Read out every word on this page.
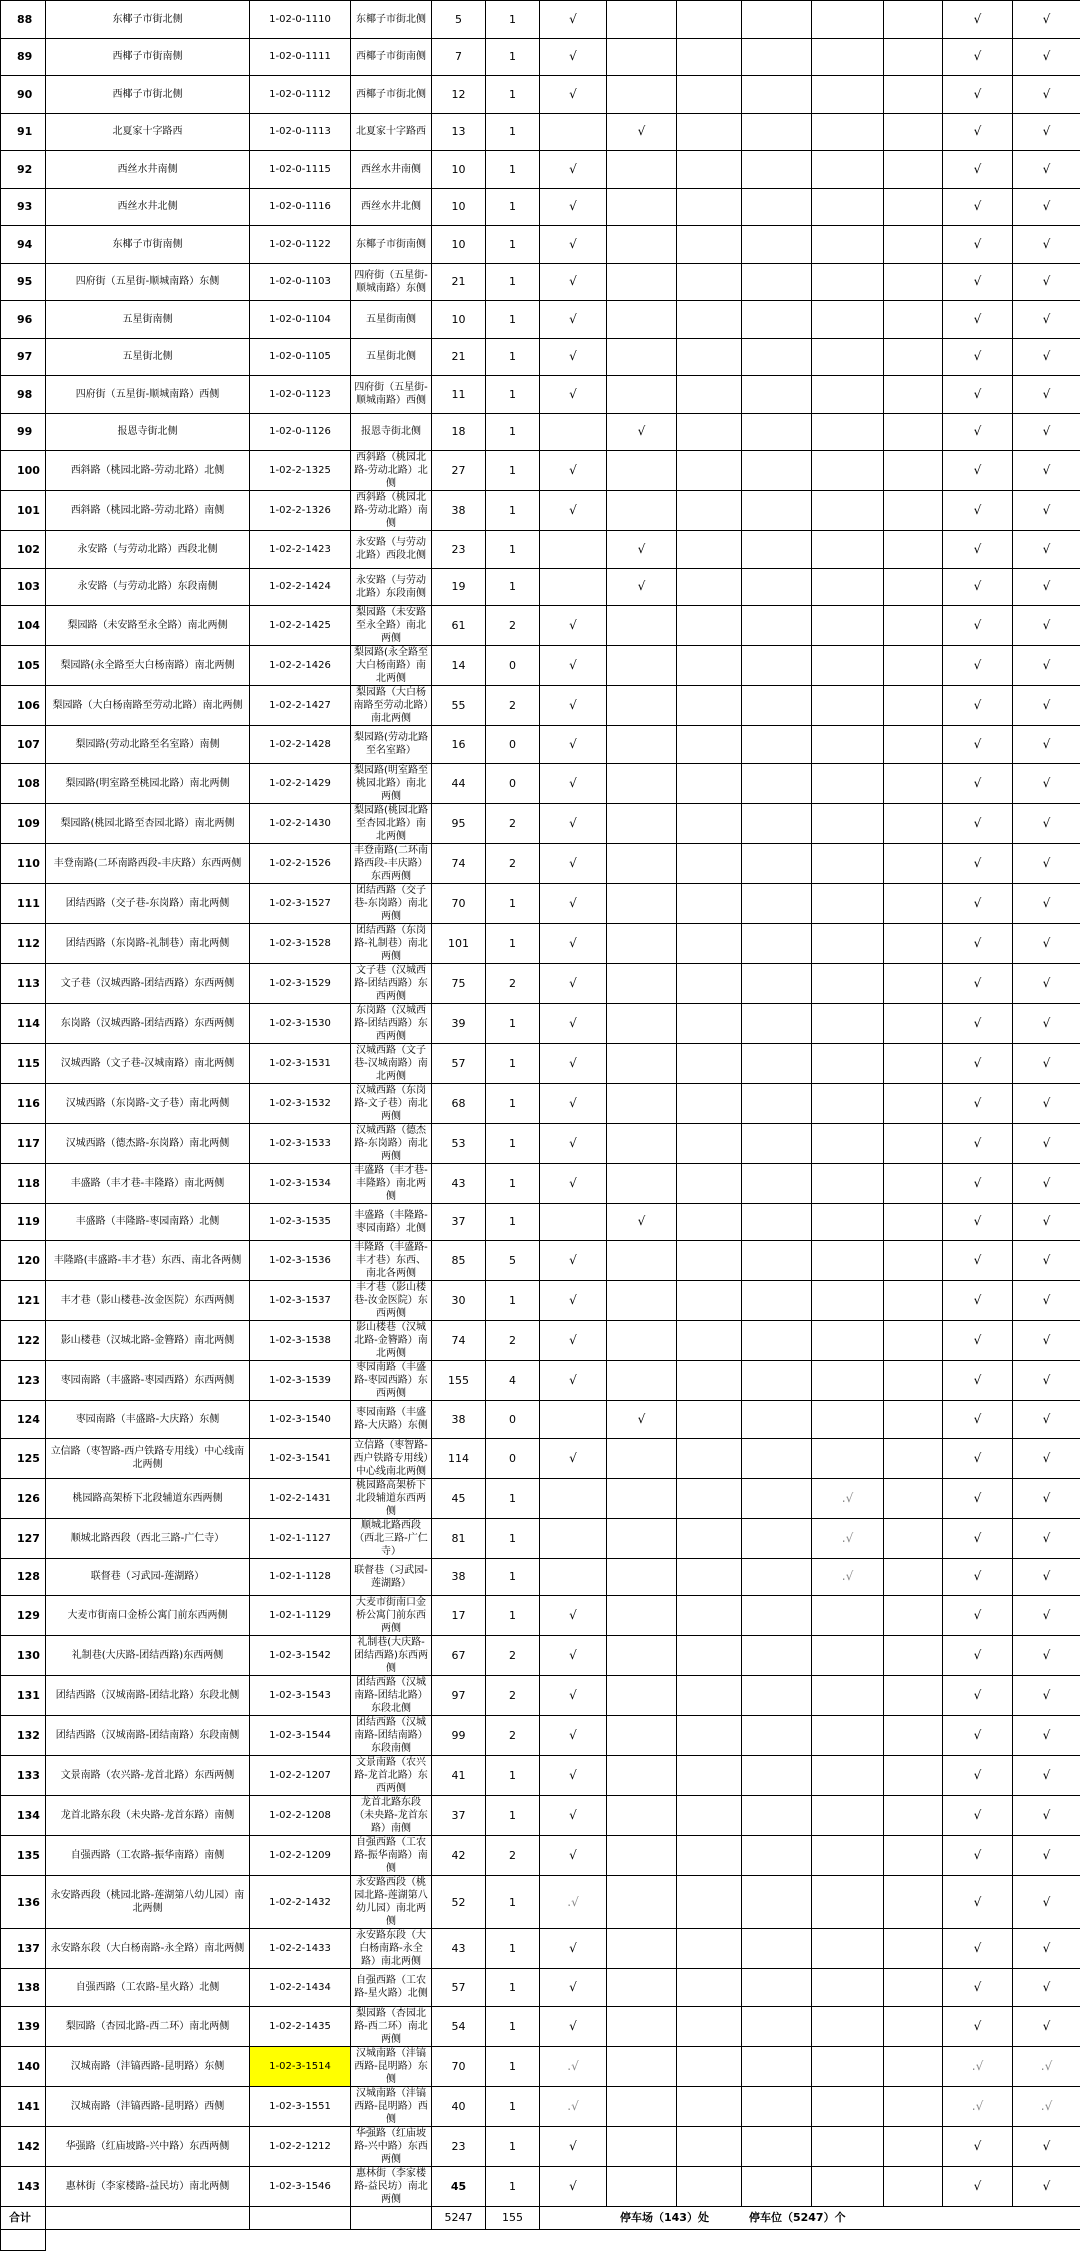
88	东椰子市街北侧	1-02-0-1110	东椰子市街北侧	5	1	√						√	√
89	西椰子市街南侧	1-02-0-1111	西椰子市街南侧	7	1	√						√	√
90	西椰子市街北侧	1-02-0-1112	西椰子市街北侧	12	1	√						√	√
91	北夏家十字路西	1-02-0-1113	北夏家十字路西	13	1		√					√	√
92	西丝水井南侧	1-02-0-1115	西丝水井南侧	10	1	√						√	√
93	西丝水井北侧	1-02-0-1116	西丝水井北侧	10	1	√						√	√
94	东椰子市街南侧	1-02-0-1122	东椰子市街南侧	10	1	√						√	√
95	四府街（五星街-顺城南路）东侧	1-02-0-1103	四府街（五星街-顺城南路）东侧	21	1	√						√	√
96	五星街南侧	1-02-0-1104	五星街南侧	10	1	√						√	√
97	五星街北侧	1-02-0-1105	五星街北侧	21	1	√						√	√
98	四府街（五星街-顺城南路）西侧	1-02-0-1123	四府街（五星街-顺城南路）西侧	11	1	√						√	√
99	报恩寺街北侧	1-02-0-1126	报恩寺街北侧	18	1		√					√	√
100	西斜路（桃园北路-劳动北路）北侧	1-02-2-1325	西斜路（桃园北路-劳动北路）北侧	27	1	√						√	√
101	西斜路（桃园北路-劳动北路）南侧	1-02-2-1326	西斜路（桃园北路-劳动北路）南侧	38	1	√						√	√
102	永安路（与劳动北路）西段北侧	1-02-2-1423	永安路（与劳动北路）西段北侧	23	1		√					√	√
103	永安路（与劳动北路）东段南侧	1-02-2-1424	永安路（与劳动北路）东段南侧	19	1		√					√	√
104	梨园路（未安路至永全路）南北两侧	1-02-2-1425	梨园路（未安路至永全路）南北两侧	61	2	√						√	√
105	梨园路(永全路至大白杨南路）南北两侧	1-02-2-1426	梨园路(永全路至大白杨南路）南北两侧	14	0	√						√	√
106	梨园路（大白杨南路至劳动北路）南北两侧	1-02-2-1427	梨园路（大白杨南路至劳动北路）南北两侧	55	2	√						√	√
107	梨园路(劳动北路至名室路）南侧	1-02-2-1428	梨园路(劳动北路至名室路）	16	0	√						√	√
108	梨园路(明室路至桃园北路）南北两侧	1-02-2-1429	梨园路(明室路至桃园北路）南北两侧	44	0	√						√	√
109	梨园路(桃园北路至杏园北路）南北两侧	1-02-2-1430	梨园路(桃园北路至杏园北路）南北两侧	95	2	√						√	√
110	丰登南路(二环南路西段-丰庆路）东西两侧	1-02-2-1526	丰登南路(二环南路西段-丰庆路）东西两侧	74	2	√						√	√
111	团结西路（交子巷-东岗路）南北两侧	1-02-3-1527	团结西路（交子巷-东岗路）南北两侧	70	1	√						√	√
112	团结西路（东岗路-礼制巷）南北两侧	1-02-3-1528	团结西路（东岗路-礼制巷）南北两侧	101	1	√						√	√
113	文子巷（汉城西路-团结西路）东西两侧	1-02-3-1529	文子巷（汉城西路-团结西路）东西两侧	75	2	√						√	√
114	东岗路（汉城西路-团结西路）东西两侧	1-02-3-1530	东岗路（汉城西路-团结西路）东西两侧	39	1	√						√	√
115	汉城西路（文子巷-汉城南路）南北两侧	1-02-3-1531	汉城西路（文子巷-汉城南路）南北两侧	57	1	√						√	√
116	汉城西路（东岗路-文子巷）南北两侧	1-02-3-1532	汉城西路（东岗路-文子巷）南北两侧	68	1	√						√	√
117	汉城西路（德杰路-东岗路）南北两侧	1-02-3-1533	汉城西路（德杰路-东岗路）南北两侧	53	1	√						√	√
118	丰盛路（丰才巷-丰隆路）南北两侧	1-02-3-1534	丰盛路（丰才巷-丰隆路）南北两侧	43	1	√						√	√
119	丰盛路（丰隆路-枣园南路）北侧	1-02-3-1535	丰盛路（丰隆路-枣园南路）北侧	37	1		√					√	√
120	丰隆路(丰盛路-丰才巷）东西、南北各两侧	1-02-3-1536	丰隆路（丰盛路-丰才巷）东西、南北各两侧	85	5	√						√	√
121	丰才巷（影山楼巷-汝金医院）东西两侧	1-02-3-1537	丰才巷（影山楼巷-汝金医院）东西两侧	30	1	√						√	√
122	影山楼巷（汉城北路-金簪路）南北两侧	1-02-3-1538	影山楼巷（汉城北路-金簪路）南北两侧	74	2	√						√	√
123	枣园南路（丰盛路-枣园西路）东西两侧	1-02-3-1539	枣园南路（丰盛路-枣园西路）东西两侧	155	4	√						√	√
124	枣园南路（丰盛路-大庆路）东侧	1-02-3-1540	枣园南路（丰盛路-大庆路）东侧	38	0		√					√	√
125	立信路（枣智路-西户铁路专用线）中心线南北两侧	1-02-3-1541	立信路（枣智路-西户铁路专用线）中心线南北两侧	114	0	√						√	√
126	桃园路高架桥下北段辅道东西两侧	1-02-2-1431	桃园路高架桥下北段辅道东西两侧	45	1					.√		√	√
127	顺城北路西段（西北三路-广仁寺）	1-02-1-1127	顺城北路西段（西北三路-广仁寺）	81	1					.√		√	√
128	联督巷（习武园-莲湖路）	1-02-1-1128	联督巷（习武园-莲湖路）	38	1					.√		√	√
129	大麦市街南口金桥公寓门前东西两侧	1-02-1-1129	大麦市街南口金桥公寓门前东西两侧	17	1	√						√	√
130	礼制巷(大庆路-团结西路)东西两侧	1-02-3-1542	礼制巷(大庆路-团结西路)东西两侧	67	2	√						√	√
131	团结西路（汉城南路-团结北路）东段北侧	1-02-3-1543	团结西路（汉城南路-团结北路）东段北侧	97	2	√						√	√
132	团结西路（汉城南路-团结南路）东段南侧	1-02-3-1544	团结西路（汉城南路-团结南路）东段南侧	99	2	√						√	√
133	文景南路（农兴路-龙首北路）东西两侧	1-02-2-1207	文景南路（农兴路-龙首北路）东西两侧	41	1	√						√	√
134	龙首北路东段（未央路-龙首东路）南侧	1-02-2-1208	龙首北路东段（未央路-龙首东路）南侧	37	1	√						√	√
135	自强西路（工农路-振华南路）南侧	1-02-2-1209	自强西路（工农路-振华南路）南侧	42	2	√						√	√
136	永安路西段（桃园北路-莲湖第八幼儿园）南北两侧	1-02-2-1432	永安路西段（桃园北路-莲湖第八幼儿园）南北两侧	52	1	.√						√	√
137	永安路东段（大白杨南路-永全路）南北两侧	1-02-2-1433	永安路东段（大白杨南路-永全路）南北两侧	43	1	√						√	√
138	自强西路（工农路-星火路）北侧	1-02-2-1434	自强西路（工农路-星火路）北侧	57	1	√						√	√
139	梨园路（杏园北路-西二环）南北两侧	1-02-2-1435	梨园路（杏园北路-西二环）南北两侧	54	1	√						√	√
140	汉城南路（沣镐西路-昆明路）东侧	1-02-3-1514	汉城南路（沣镐西路-昆明路）东侧	70	1	.√						.√	.√
141	汉城南路（沣镐西路-昆明路）西侧	1-02-3-1551	汉城南路（沣镐西路-昆明路）西侧	40	1	.√						.√	.√
142	华强路（红庙坡路-兴中路）东西两侧	1-02-2-1212	华强路（红庙坡路-兴中路）东西两侧	23	1	√						√	√
143	惠林街（李家楼路-益民坊）南北两侧	1-02-3-1546	惠林街（李家楼路-益民坊）南北两侧	45	1	√						√	√
合计				5247	155	停车场（143）处 停车位（5247）个							
